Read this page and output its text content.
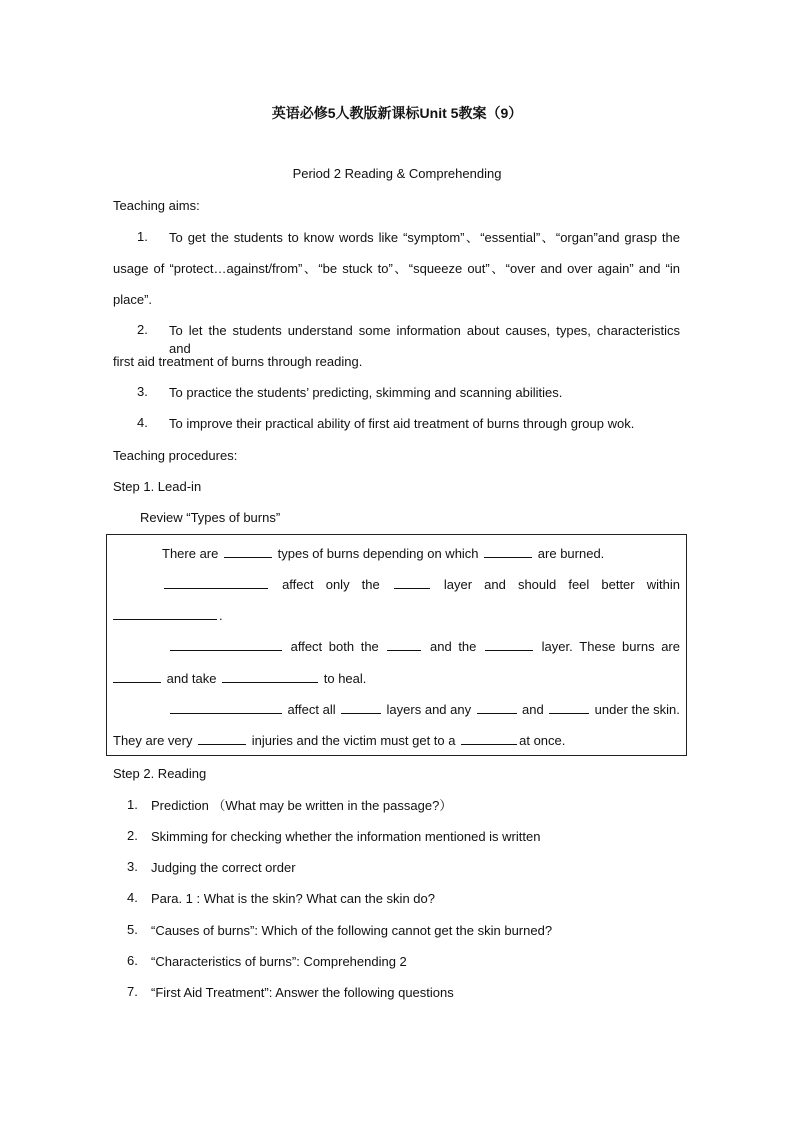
英语必修5人教版新课标Unit 5教案（9）
Period 2 Reading & Comprehending
Teaching aims:
1. To get the students to know words like “symptom”、“essential”、“organ”and grasp the
usage of “protect…against/from”、“be stuck to”、“squeeze out”、“over and over again” and “in
place”.
2. To let the students understand some information about causes, types, characteristics and
first aid treatment of burns through reading.
3. To practice the students’ predicting, skimming and scanning abilities.
4. To improve their practical ability of first aid treatment of burns through group wok.
Teaching procedures:
Step 1. Lead-in
Review “Types of burns”
There are	types of burns depending on which	are burned.
affect only the	layer and should feel better within
.
affect both the	and the	layer. These burns are
and take	to heal.
affect all	layers and any	and	under the skin.
They are very	injuries and the victim must get to a	at once.
Step 2. Reading
1. Prediction （What may be written in the passage?）
2. Skimming for checking whether the information mentioned is written
3. Judging the correct order
4. Para. 1 : What is the skin? What can the skin do?
5. “Causes of burns”: Which of the following cannot get the skin burned?
6. “Characteristics of burns”: Comprehending 2
7. “First Aid Treatment”: Answer the following questions
